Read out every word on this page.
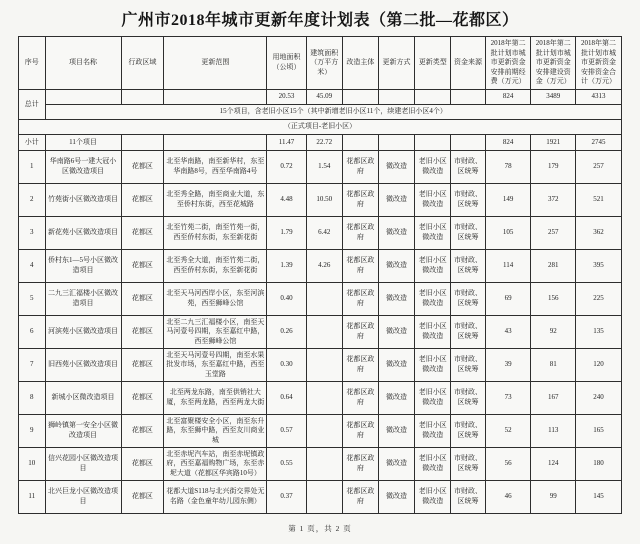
广州市2018年城市更新年度计划表（第二批—花都区）
序号	项目名称	行政区域	更新范围	用地面积（公顷）	建筑面积（万平方米）	改造主体	更新方式	更新类型	资金来源	2018年第二批计划市城市更新资金安排前期经费（万元）	2018年第二批计划市城市更新资金安排建设资金（万元）	2018年第二批计划市城市更新资金安排资金合计（万元）
总计				20.53	45.09					824	3489	4313
	15个项目，含老旧小区15个（其中新增老旧小区11个，续建老旧小区4个）											
（正式项目-老旧小区）												
小计	11个项目			11.47	22.72					824	1921	2745
1	华南路6号一建大冠小区微改造项目	花都区	北至华南路，南至新华村，东至华南路8号，西至华南路4号	0.72	1.54	花都区政府	微改造	老旧小区微改造	市财政、区统筹	78	179	257
2	竹苑街小区微改造项目	花都区	北至秀全路，南至商业大道，东至侨村东街，西至花城路	4.48	10.50	花都区政府	微改造	老旧小区微改造	市财政、区统筹	149	372	521
3	新花苑小区微改造项目	花都区	北至竹苑二街，南至竹苑一街，西至侨村东街，东至新花街	1.79	6.42	花都区政府	微改造	老旧小区微改造	市财政、区统筹	105	257	362
4	侨村东1—5号小区微改造项目	花都区	北至秀全大道，南至竹苑二街，西至侨村东街，东至新花街	1.39	4.26	花都区政府	微改造	老旧小区微改造	市财政、区统筹	114	281	395
5	二九三汇福楼小区微改造项目	花都区	北至天马河西岸小区，东至河滨苑，西至狮峰公馆	0.40		花都区政府	微改造	老旧小区微改造	市财政、区统筹	69	156	225
6	河滨苑小区微改造项目	花都区	北至二九三汇福楼小区，南至天马河壹号四期，东至嘉红中路，西至狮峰公馆	0.26		花都区政府	微改造	老旧小区微改造	市财政、区统筹	43	92	135
7	旧西苑小区微改造项目	花都区	北至天马河壹号四期，南至水果批发市场，东至嘉红中路，西至玉堂路	0.30		花都区政府	微改造	老旧小区微改造	市财政、区统筹	39	81	120
8	新城小区微改造项目	花都区	北至两龙东路，南至供销社大厦，东至两龙路，西至两龙大街	0.64		花都区政府	微改造	老旧小区微改造	市财政、区统筹	73	167	240
9	狮岭镇第一安全小区微改造项目	花都区	北至富聚楼安全小区，南至东升路，东至狮中路，西至友川商业城	0.57		花都区政府	微改造	老旧小区微改造	市财政、区统筹	52	113	165
10	信兴花园小区微改造项目	花都区	北至赤坭汽车站，南至赤坭镇政府，西至嘉福购物广场，东至赤坭大道（花都区华宾路10号）	0.55		花都区政府	微改造	老旧小区微改造	市财政、区统筹	56	124	180
11	北兴巨龙小区微改造项目	花都区	花都大道S118与北兴街交界处无名路（金色童年幼儿园东侧）	0.37		花都区政府	微改造	老旧小区微改造	市财政、区统筹	46	99	145
第 1 页，共 2 页
